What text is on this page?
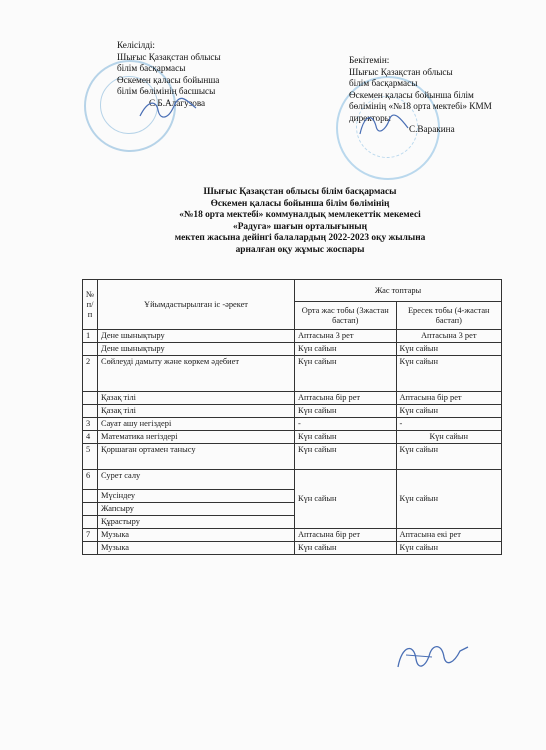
Келісілді:
Шығыс Қазақстан облысы
білім басқармасы
Өскемен қаласы бойынша
білім бөлімінің басшысы
С.Б.Алагузова
Бекітемін:
Шығыс Қазақстан облысы
білім басқармасы
Өскемен қаласы бойынша білім
бөлімінің «№18 орта мектебі» КММ
директоры
С.Варакина
Шығыс Қазақстан облысы білім басқармасы
Өскемен қаласы бойынша білім бөлімінің
«№18 орта мектебі» коммуналдық мемлекеттік мекемесі
«Радуга» шағын орталығының
мектеп жасына дейінгі балалардың 2022-2023 оқу жылына
арналған оқу жұмыс жоспары
№ п/п	Ұйымдастырылған іс -әрекет	Жас топтары	
		Орта жас тобы (3жастан бастап)	Ересек тобы (4-жастан бастап)
1	Дене шынықтыру	Аптасына 3 рет	Аптасына 3 рет
	Дене шынықтыру	Күн сайын	Күн сайын
2	Сөйлеуді дамыту және көркем әдебиет	Күн сайын	Күн сайын
	Қазақ тілі	Аптасына бір рет	Аптасына бір рет
	Қазақ тілі	Күн сайын	Күн сайын
3	Сауат ашу негіздері	-	-
4	Математика негіздері	Күн сайын	Күн сайын
5	Қоршаған ортамен танысу	Күн сайын	Күн сайын
6	Сурет салу	Күн сайын	Күн сайын
	Мүсіндеу		
	Жапсыру		
	Құрастыру		
7	Музыка	Аптасына бір рет	Аптасына екі рет
	Музыка	Күн сайын	Күн сайын
